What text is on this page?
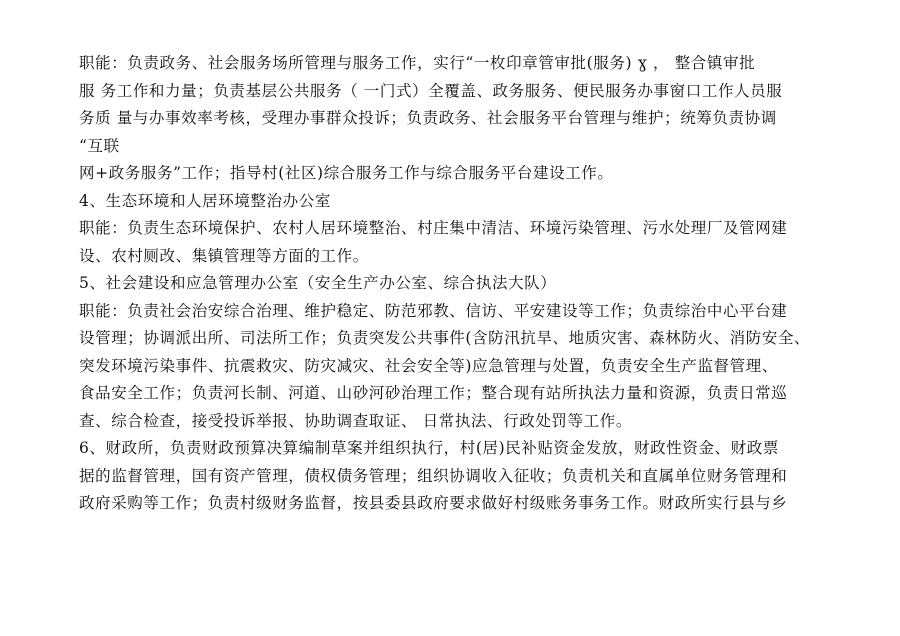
职能：负责政务、社会服务场所管理与服务工作，实行“一枚印章管审批(服务) ɣ ， 整合镇审批
服 务工作和力量；负责基层公共服务（ 一门式）全覆盖、政务服务、便民服务办事窗口工作人员服
务质 量与办事效率考核，受理办事群众投诉；负责政务、社会服务平台管理与维护；统筹负责协调
“互联
网+政务服务”工作；指导村(社区)综合服务工作与综合服务平台建设工作。
4、生态环境和人居环境整治办公室
职能：负责生态环境保护、农村人居环境整治、村庄集中清洁、环境污染管理、污水处理厂及管网建
设、农村厕改、集镇管理等方面的工作。
5、社会建设和应急管理办公室（安全生产办公室、综合执法大队）
职能：负责社会治安综合治理、维护稳定、防范邪教、信访、平安建设等工作；负责综治中心平台建
设管理；协调派出所、司法所工作；负责突发公共事件(含防汛抗旱、地质灾害、森林防火、消防安全、
突发环境污染事件、抗震救灾、防灾减灾、社会安全等)应急管理与处置，负责安全生产监督管理、
食品安全工作；负责河长制、河道、山砂河砂治理工作；整合现有站所执法力量和资源，负责日常巡
查、综合检查，接受投诉举报、协助调查取证、 日常执法、行政处罚等工作。
6、财政所，负责财政预算决算编制草案并组织执行，村(居)民补贴资金发放，财政性资金、财政票
据的监督管理，国有资产管理，债权债务管理；组织协调收入征收；负责机关和直属单位财务管理和
政府采购等工作；负责村级财务监督，按县委县政府要求做好村级账务事务工作。财政所实行县与乡
